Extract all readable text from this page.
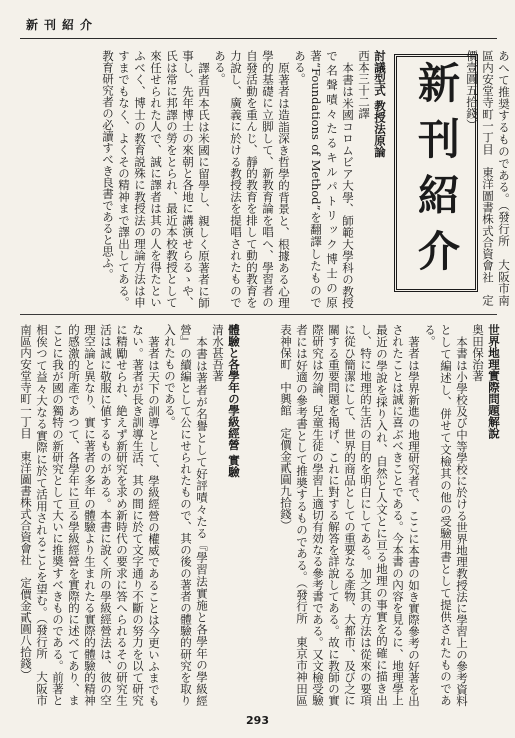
新刊紹介

あへて推奨するものである。（發行所　大阪市南區内安堂寺町一丁目　東洋圖書株式合資會社　定價壹圓五拾錢）

新刊紹介

討議型式 教授法原論

西本三十二譯

本書は米國コロムビア大學、師範大學科の教授で名聲嘖々たるキルパトリック博士の原著“Foundations of Method”を翻譯したものである。

原著者は造詣深き哲學的背景と、根據ある心理學的基礎に立脚して、新教育論を唱へ、學習者の自發活動を重んじ、靜的教育を排して動的教育を力說し、廣義に於ける教授法を提唱されたものである。

譯者西本氏は米國に留學し、親しく原著者に師事し、先年博士の來朝と各地に講演せらるゝや、氏は常に邦譯の勞をとられ、最近本校教授として來任せられた人で、誠に譯者は其の人を得たといふべく、博士の教育説殊に教授法の理論方法は申すまでもなく、よくその精神まで譯出してある。教育研究者の必讀すべき良書であると思ふ。

世界地理實際問題解說

奥田保治著

本書は小學校及び中等學校に於ける世界地理教授法に學習上の參考資料として編述し、併せて文檢其の他の受驗用書として提供されたものである。

著者は學界新進の地理研究者で、ここに本書の如き實際參考の好著を出されたことは誠に喜ぶべきことである。今本書の內容を見るに、地理學上最近の學說を採り入れ、自然と人文とに亘る地理の事實を的確に描き出し、特に地理的生活の目的を明白にしてある。加之其の方法は從來の要項に從ひ簡潔にして、世界的商品としての重要なる產物、大都市、及び之に關する重要問題を揭げ、これに對する解答を詳說してある。故に教師の實際研究は勿論、兒童生徒の學習上適切有効なる參考書である。又文檢受驗者には好適の參考書として推奬するものである。（發行所　東京市神田區表神保町　中興館　定價金貳圓九拾錢）

體驗と各學年の學級經營 實驗

清水甚吾著

本書は著者が名譽として好評嘖々たる『學習法實施と各學年の學級經營』の續編として公にせられたもので、其の後の著者の體驗的研究を取り入れたものである。

著者は天下の訓導として、學級經營の權威であることは今更いふまでもない。著者が長き訓導生活、其の間に於て文字通り不斷の努力を以て研究に精勵せられ、絶えず新研究を求め新時代の要求に答へられるその研究生活は誠に敬服に値するものがある。本書に說く所の學級經營法は、彼の空理空論と異なり、實に著者の多年の體驗より生まれたる實際的體驗的精神的感激的所產であつて、各學年に亘る學級經營を實際的に述べてあり、まことに我が國の獨特の新研究として大いに推奬すべきものである。前著と相俟つて益々大なる實際に於て活用されることを望む。（發行所　大阪市南區内安堂寺町一丁目　東洋圖書株式合資會社　定價金貳圓八拾錢）

293
